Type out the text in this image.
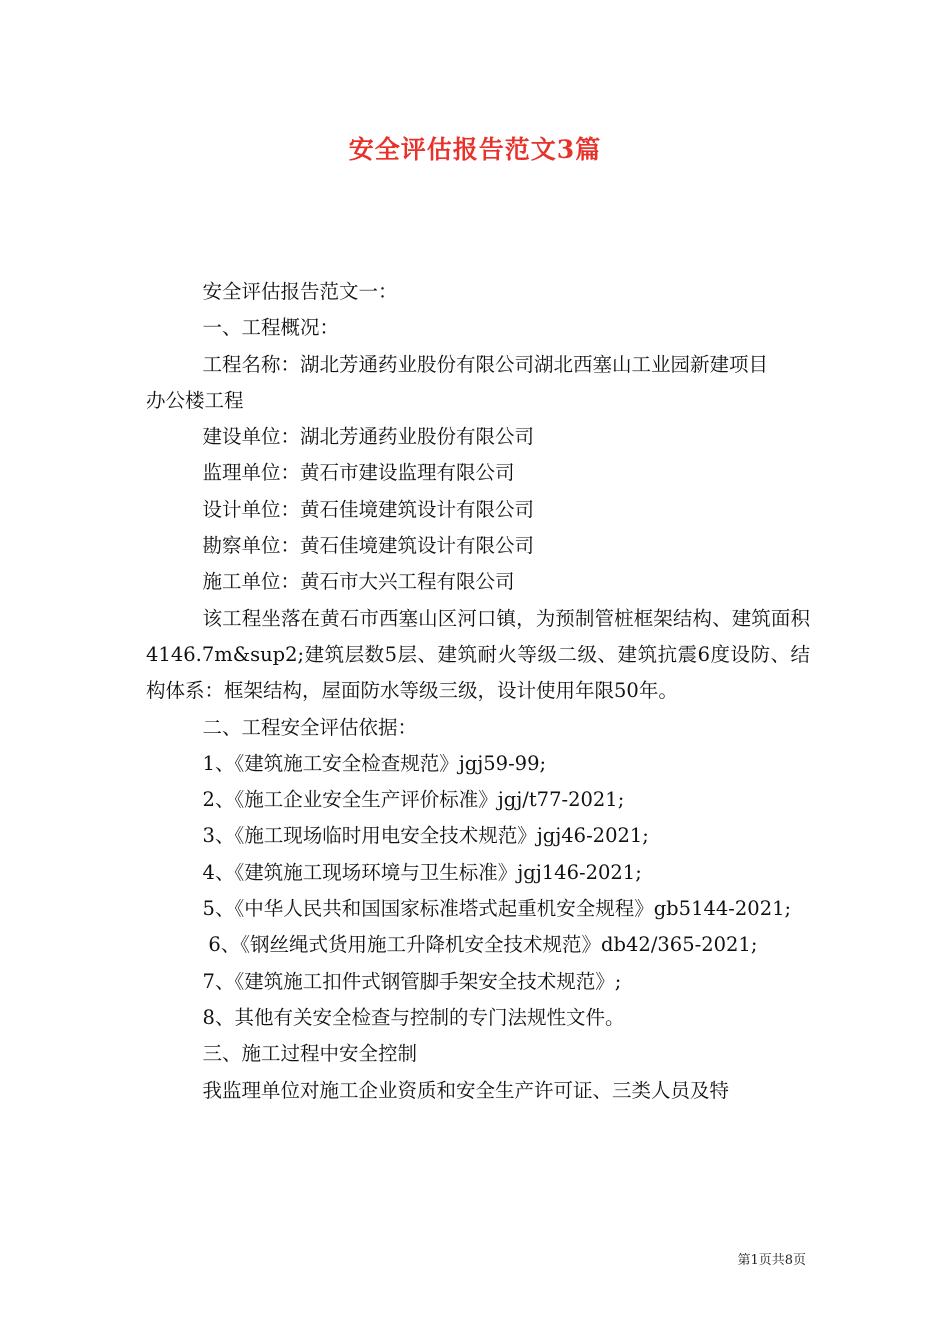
安全评估报告范文3篇

安全评估报告范文一：

一、工程概况：

工程名称：湖北芳通药业股份有限公司湖北西塞山工业园新建项目办公楼工程

建设单位：湖北芳通药业股份有限公司

监理单位：黄石市建设监理有限公司

设计单位：黄石佳境建筑设计有限公司

勘察单位：黄石佳境建筑设计有限公司

施工单位：黄石市大兴工程有限公司

该工程坐落在黄石市西塞山区河口镇，为预制管桩框架结构、建筑面积4146.7m&sup2;建筑层数5层、建筑耐火等级二级、建筑抗震6度设防、结构体系：框架结构，屋面防水等级三级，设计使用年限50年。

二、工程安全评估依据：

1、《建筑施工安全检查规范》jgj59-99;

2、《施工企业安全生产评价标准》jgj/t77-2021;

3、《施工现场临时用电安全技术规范》jgj46-2021;

4、《建筑施工现场环境与卫生标准》jgj146-2021;

5、《中华人民共和国国家标准塔式起重机安全规程》gb5144-2021;

6、《钢丝绳式货用施工升降机安全技术规范》db42/365-2021;

7、《建筑施工扣件式钢管脚手架安全技术规范》;

8、其他有关安全检查与控制的专门法规性文件。

三、施工过程中安全控制

我监理单位对施工企业资质和安全生产许可证、三类人员及特

第1页共8页
